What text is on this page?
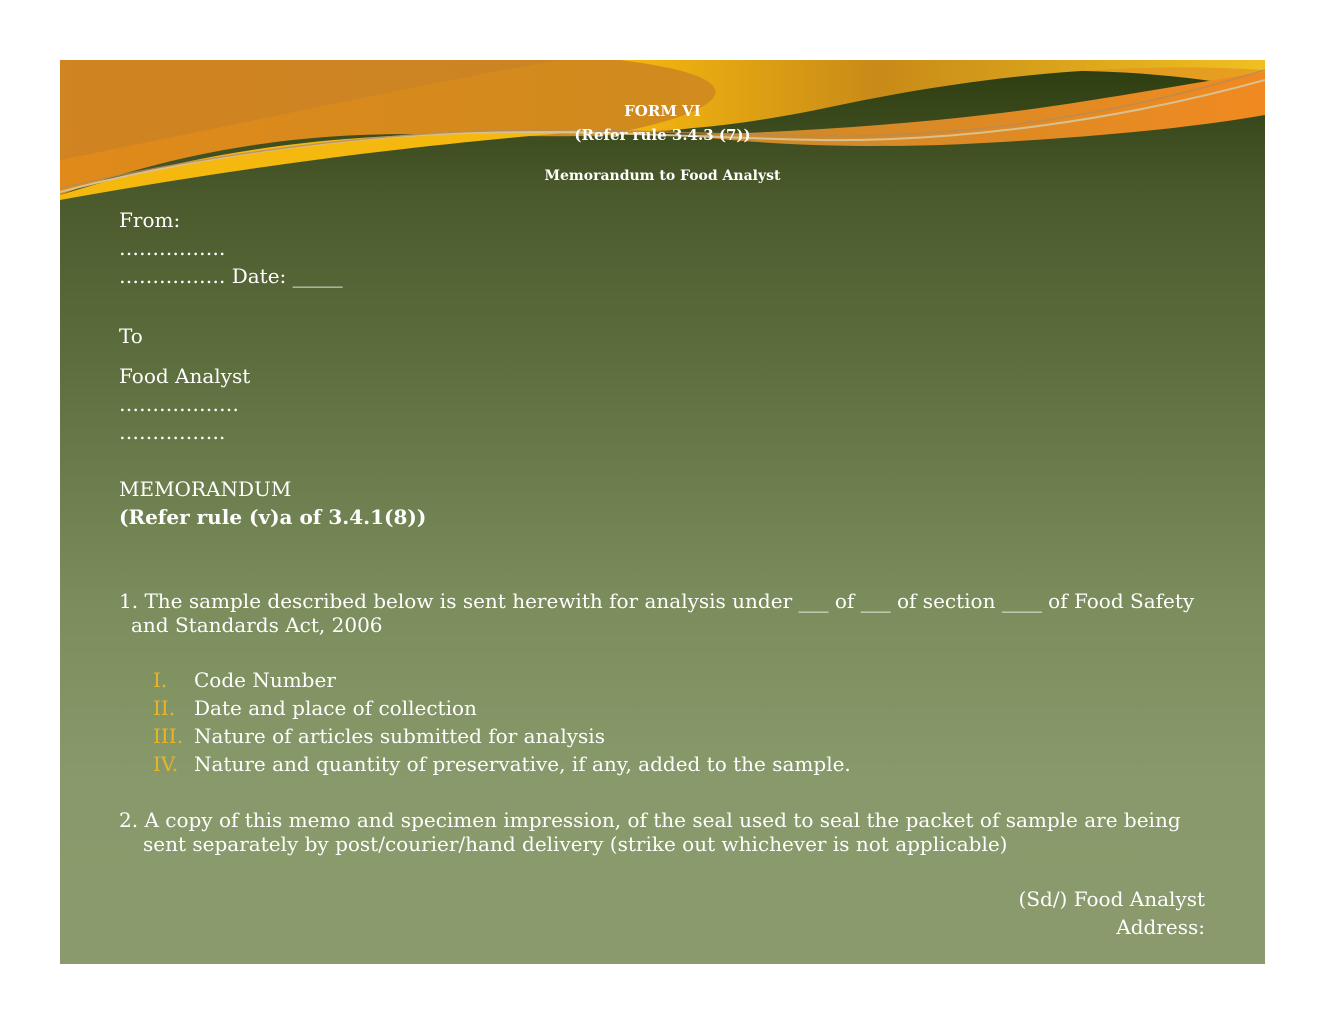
FORM VI
(Refer rule 3.4.3 (7))
Memorandum to Food Analyst
From:
…………….
……………. Date: _____
To
Food Analyst
………………
…………….
MEMORANDUM
(Refer rule (v)a of 3.4.1(8))
1. The sample described below is sent herewith for analysis under ___ of ___ of section ____ of Food Safety
and Standards Act, 2006
I. Code Number
II. Date and place of collection
III. Nature of articles submitted for analysis
IV. Nature and quantity of preservative, if any, added to the sample.
2. A copy of this memo and specimen impression, of the seal used to seal the packet of sample are being
sent separately by post/courier/hand delivery (strike out whichever is not applicable)
(Sd/) Food Analyst
Address:
